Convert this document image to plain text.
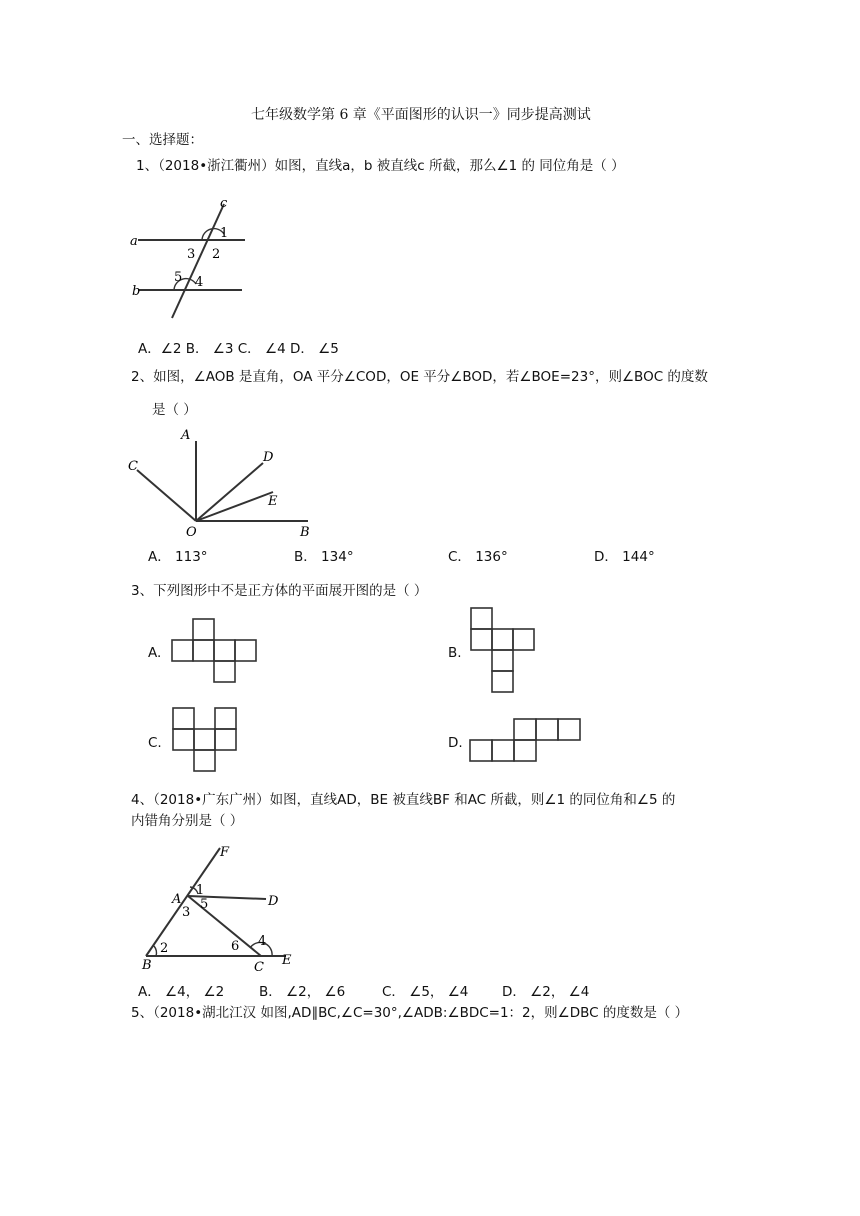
七年级数学第 6 章《平面图形的认识一》同步提高测试
一、选择题：
1、（2018•浙江衢州）如图，直线a，b 被直线c 所截，那么∠1 的 同位角是（ ）
a
b
c
1
2
3
4
5
A．∠2 B． ∠3 C． ∠4 D． ∠5
2、如图，∠AOB 是直角，OA 平分∠COD，OE 平分∠BOD，若∠BOE=23°，则∠BOC 的度数
是（ ）
A
B
C
D
E
O
A． 113°	B． 134°	C． 136°	D． 144°
3、下列图形中不是正方体的平面展开图的是（ ）
A.	B.
C.	D.
4、（2018•广东广州）如图，直线AD，BE 被直线BF 和AC 所截，则∠1 的同位角和∠5 的
内错角分别是（ ）
F
A	D
B	C E
1
2
3
4
5
6
A． ∠4， ∠2	B． ∠2， ∠6	C． ∠5， ∠4 D． ∠2， ∠4
5、（2018•湖北江汉 如图,AD∥BC,∠C=30°,∠ADB:∠BDC=1：2，则∠DBC 的度数是（ ）
